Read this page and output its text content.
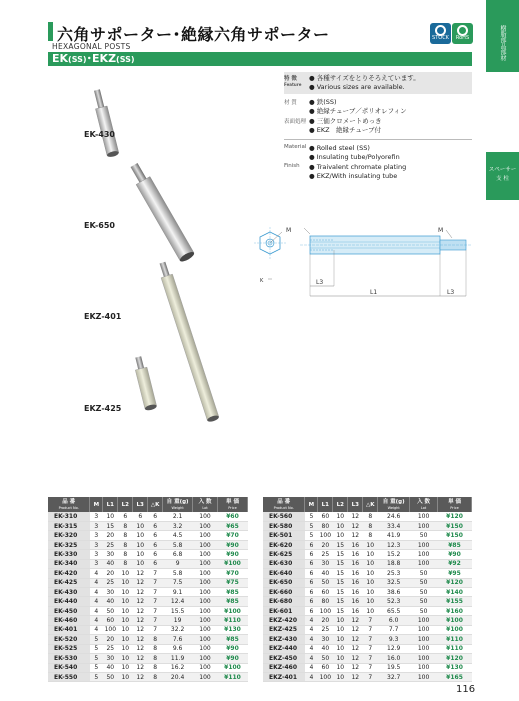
六角サポーター･絶縁六角サポーター
HEXAGONAL POSTS
EK(SS)･EKZ(SS)
STOCK	RoHS	樹脂部品部材
スペーサー
支 柱
特 徴
Feature
● 各種サイズをとりそろえています。
● Various sizes are available.
材 質	● 鉄(SS)
● 絶縁チューブ／ポリオレフィン
表面処理 ● 三価クロメートめっき
● EKZ　絶縁チューブ付
Material ● Rolled steel (SS)
● Insulating tube/Polyorefin
Finish	● Traivalent chromate plating
● EKZ/With insulating tube
EK-430
EK-650
EKZ-401
EKZ-425
M	M
K	L3
L1	L3
品 番
Product No.	M	L1	L2	L3	△K	自 重(g)
Weight	入 数
Lot	単 価
Price

EK-310	3	10	6	6	6	2.1	100	¥60
EK-315	3	15	8	10	6	3.2	100	¥65
EK-320	3	20	8	10	6	4.5	100	¥70
EK-325	3	25	8	10	6	5.8	100	¥90
EK-330	3	30	8	10	6	6.8	100	¥90
EK-340	3	40	8	10	6	9	100	¥100
EK-420	4	20	10	12	7	5.8	100	¥70
EK-425	4	25	10	12	7	7.5	100	¥75
EK-430	4	30	10	12	7	9.1	100	¥85
EK-440	4	40	10	12	7	12.4	100	¥85
EK-450	4	50	10	12	7	15.5	100	¥100
EK-460	4	60	10	12	7	19	100	¥110
EK-401	4	100	10	12	7	32.2	100	¥130
EK-520	5	20	10	12	8	7.6	100	¥85
EK-525	5	25	10	12	8	9.6	100	¥90
EK-530	5	30	10	12	8	11.9	100	¥90
EK-540	5	40	10	12	8	16.2	100	¥100
EK-550	5	50	10	12	8	20.4	100	¥110
品 番
Product No.	M	L1	L2	L3	△K	自 重(g)
Weight	入 数
Lot	単 価
Price

EK-560	5	60	10	12	8	24.6	100	¥120
EK-580	5	80	10	12	8	33.4	100	¥150
EK-501	5	100	10	12	8	41.9	50	¥150
EK-620	6	20	15	16	10	12.3	100	¥85
EK-625	6	25	15	16	10	15.2	100	¥90
EK-630	6	30	15	16	10	18.8	100	¥92
EK-640	6	40	15	16	10	25.3	50	¥95
EK-650	6	50	15	16	10	32.5	50	¥120
EK-660	6	60	15	16	10	38.6	50	¥140
EK-680	6	80	15	16	10	52.3	50	¥155
EK-601	6	100	15	16	10	65.5	50	¥160
EKZ-420	4	20	10	12	7	6.0	100	¥100
EKZ-425	4	25	10	12	7	7.7	100	¥100
EKZ-430	4	30	10	12	7	9.3	100	¥110
EKZ-440	4	40	10	12	7	12.9	100	¥110
EKZ-450	4	50	10	12	7	16.0	100	¥120
EKZ-460	4	60	10	12	7	19.5	100	¥130
EKZ-401	4	100	10	12	7	32.7	100	¥165
116
